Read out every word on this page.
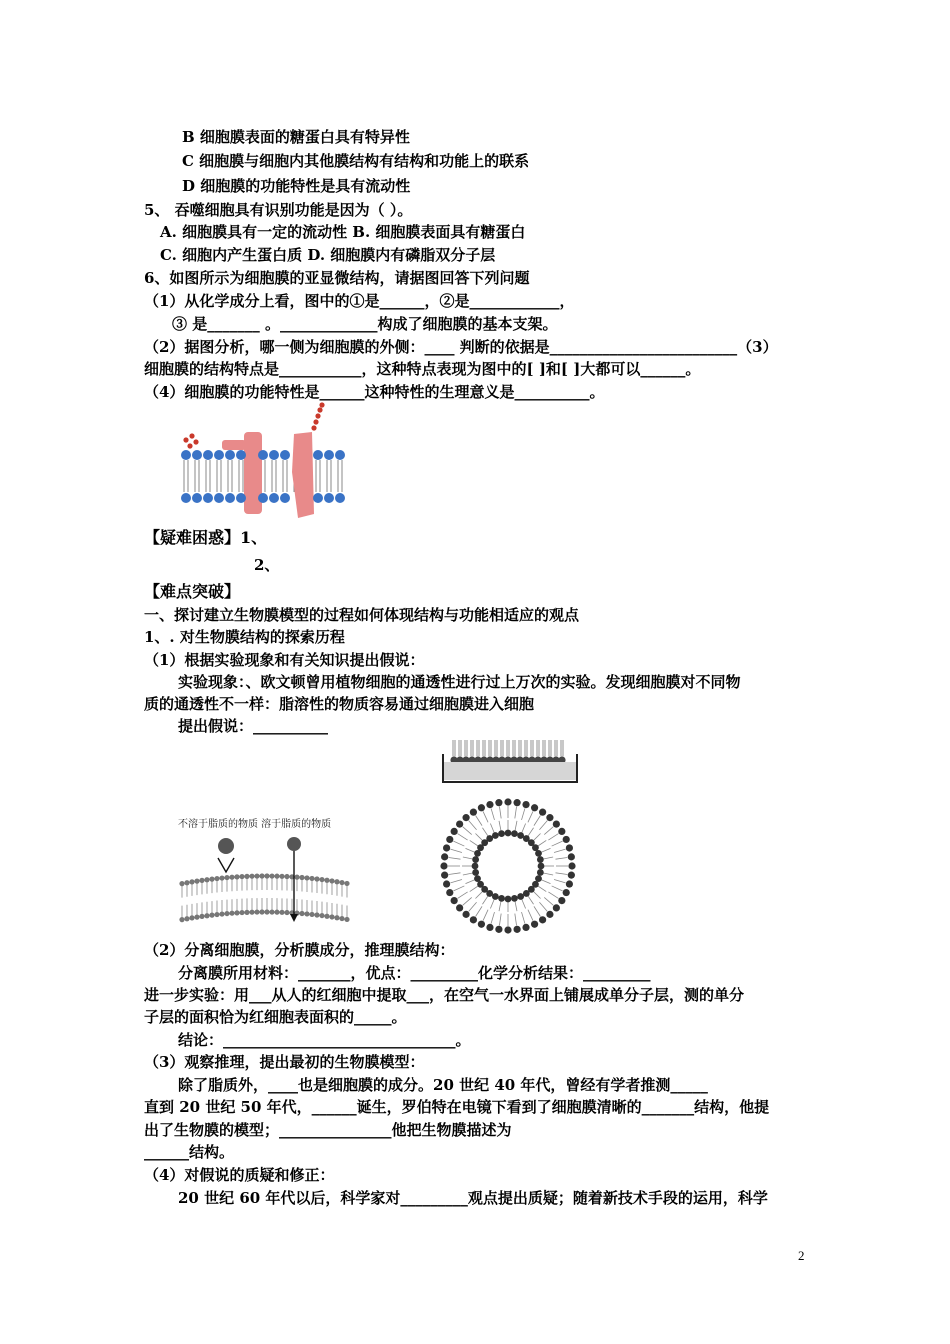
B 细胞膜表面的糖蛋白具有特异性
C 细胞膜与细胞内其他膜结构有结构和功能上的联系
D 细胞膜的功能特性是具有流动性
5、 吞噬细胞具有识别功能是因为（ ）。
A. 细胞膜具有一定的流动性 B. 细胞膜表面具有糖蛋白
C. 细胞内产生蛋白质 D. 细胞膜内有磷脂双分子层
6、如图所示为细胞膜的亚显微结构，请据图回答下列问题
（1）从化学成分上看，图中的①是______，②是____________，
③ 是_______ 。_____________构成了细胞膜的基本支架。
（2）据图分析，哪一侧为细胞膜的外侧：____ 判断的依据是_________________________（3）
细胞膜的结构特点是___________，这种特点表现为图中的[ ]和[ ]大都可以______。
（4）细胞膜的功能特性是______这种特性的生理意义是__________。
【疑难困惑】1、
2、
【难点突破】
一、探讨建立生物膜模型的过程如何体现结构与功能相适应的观点
1、. 对生物膜结构的探索历程
（1）根据实验现象和有关知识提出假说：
实验现象：、欧文顿曾用植物细胞的通透性进行过上万次的实验。发现细胞膜对不同物
质的通透性不一样：脂溶性的物质容易通过细胞膜进入细胞
提出假说：__________
不溶于脂质的物质 溶于脂质的物质
（2）分离细胞膜，分析膜成分，推理膜结构：
分离膜所用材料：_______，优点：_________化学分析结果：_________
进一步实验：用___从人的红细胞中提取___，在空气一水界面上铺展成单分子层，测的单分
子层的面积恰为红细胞表面积的_____。
结论：_______________________________。
（3）观察推理，提出最初的生物膜模型：
除了脂质外，____也是细胞膜的成分。20 世纪 40 年代，曾经有学者推测_____
直到 20 世纪 50 年代，______诞生，罗伯特在电镜下看到了细胞膜清晰的_______结构，他提
出了生物膜的模型；_______________他把生物膜描述为
______结构。
（4）对假说的质疑和修正：
20 世纪 60 年代以后，科学家对_________观点提出质疑；随着新技术手段的运用，科学
2
